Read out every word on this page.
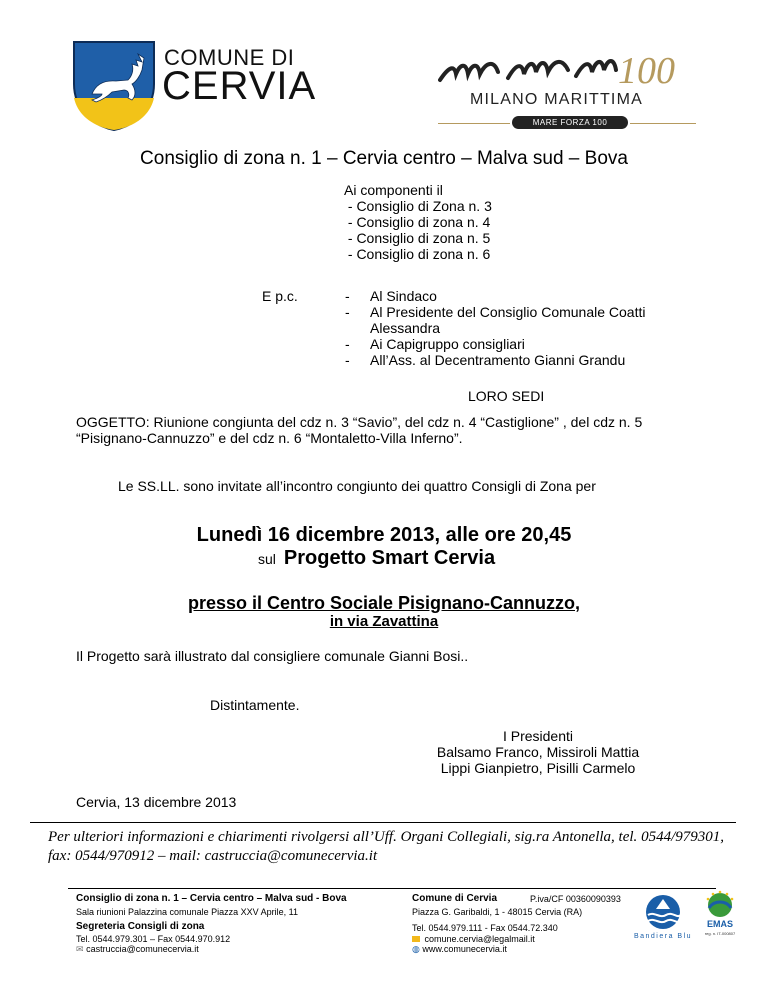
COMUNE DI
CERVIA	100
MILANO MARITTIMA
MARE FORZA 100
Consiglio di zona n. 1 – Cervia centro – Malva sud – Bova
Ai componenti il
- Consiglio di Zona n. 3
- Consiglio di zona n. 4
- Consiglio di zona n. 5
- Consiglio di zona n. 6
E p.c.	-	Al Sindaco
-	Al Presidente del Consiglio Comunale Coatti
Alessandra
-	Ai Capigruppo consigliari
-	All’Ass. al Decentramento Gianni Grandu
LORO SEDI
OGGETTO: Riunione congiunta del cdz n. 3 “Savio”, del cdz n. 4 “Castiglione” , del cdz n. 5
“Pisignano-Cannuzzo” e del cdz n. 6 “Montaletto-Villa Inferno”.
Le SS.LL. sono invitate all’incontro congiunto dei quattro Consigli di Zona per
Lunedì 16 dicembre 2013, alle ore 20,45
sul Progetto Smart Cervia
presso il Centro Sociale Pisignano-Cannuzzo,
in via Zavattina
Il Progetto sarà illustrato dal consigliere comunale Gianni Bosi..
Distintamente.
I Presidenti
Balsamo Franco, Missiroli Mattia
Lippi Gianpietro, Pisilli Carmelo
Cervia, 13 dicembre 2013
Per ulteriori informazioni e chiarimenti rivolgersi all’Uff. Organi Collegiali, sig.ra Antonella, tel. 0544/979301, fax: 0544/970912 – mail: castruccia@comunecervia.it
Consiglio di zona n. 1 – Cervia centro – Malva sud - Bova
Sala riunioni Palazzina comunale Piazza XXV Aprile, 11
Segreteria Consigli di zona
Tel. 0544.979.301 – Fax 0544.970.912
✉ castruccia@comunecervia.it
Comune di Cervia	P.iva/CF 00360090393
Piazza G. Garibaldi, 1 - 48015 Cervia (RA)
Tel. 0544.979.111 - Fax 0544.72.340
comune.cervia@legalmail.it
◍ www.comunecervia.it
Bandiera Blu
EMAS
reg. n. IT-000807
